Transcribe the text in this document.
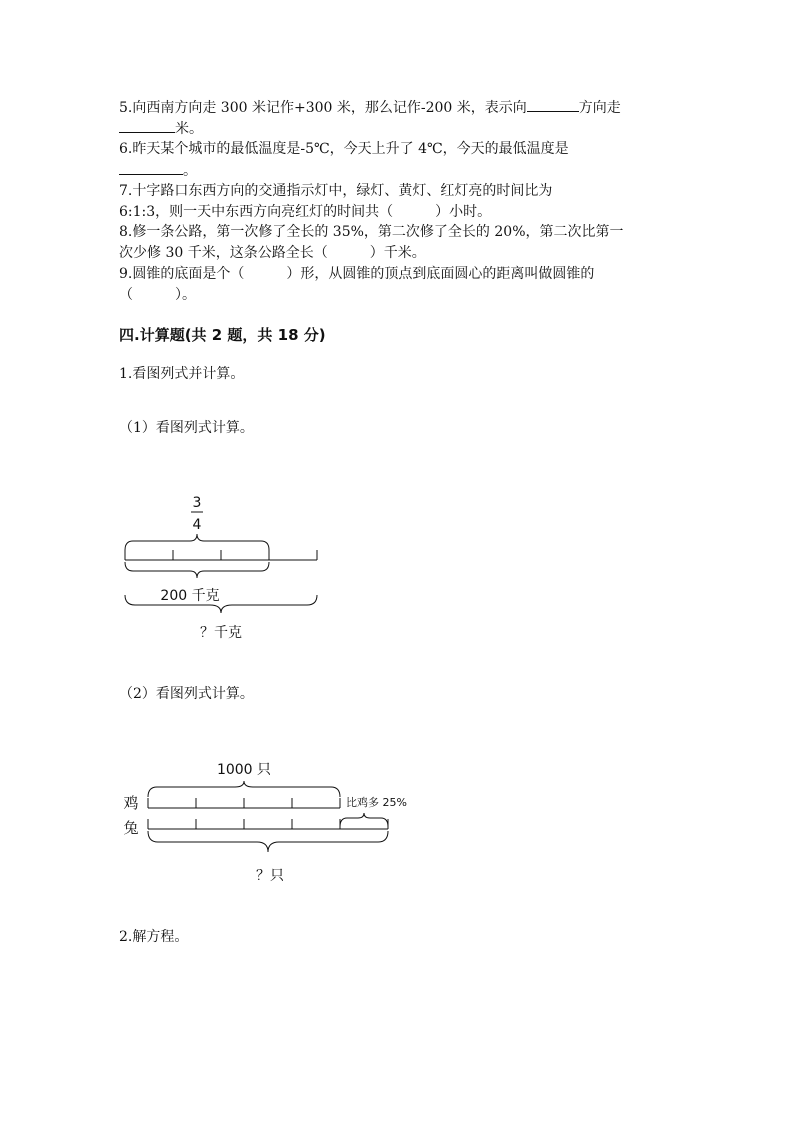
5.向西南方向走 300 米记作+300 米，那么记作-200 米，表示向	方向走
米。
6.昨天某个城市的最低温度是-5℃，今天上升了 4℃，今天的最低温度是
。
7.十字路口东西方向的交通指示灯中，绿灯、黄灯、红灯亮的时间比为
6:1:3，则一天中东西方向亮红灯的时间共（　　　）小时。
8.修一条公路，第一次修了全长的 35%，第二次修了全长的 20%，第二次比第一
次少修 30 千米，这条公路全长（　　　）千米。
9.圆锥的底面是个（　　　）形，从圆锥的顶点到底面圆心的距离叫做圆锥的
（　　　）。
四.计算题(共 2 题，共 18 分)
1.看图列式并计算。
（1）看图列式计算。
（2）看图列式计算。
2.解方程。
3
4
200 千克
？千克
1000 只
鸡	比鸡多 25%
兔
？只
